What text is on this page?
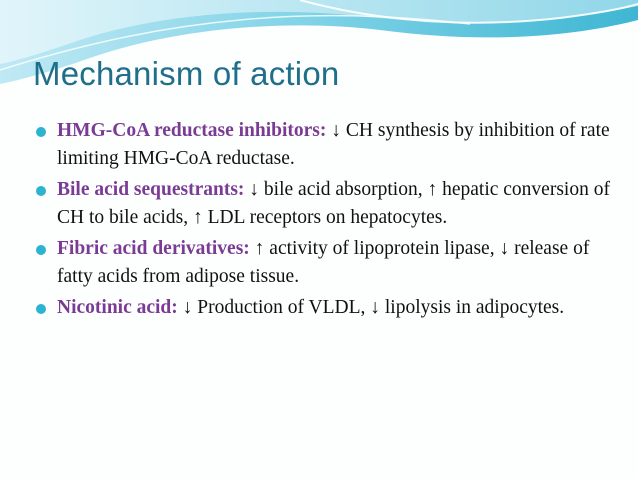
Mechanism of action
HMG-CoA reductase inhibitors: ↓ CH synthesis by inhibition of rate limiting HMG-CoA reductase.
Bile acid sequestrants: ↓ bile acid absorption, ↑ hepatic conversion of CH to bile acids, ↑ LDL receptors on hepatocytes.
Fibric acid derivatives: ↑ activity of lipoprotein lipase, ↓ release of fatty acids from adipose tissue.
Nicotinic acid: ↓ Production of VLDL, ↓ lipolysis in adipocytes.
